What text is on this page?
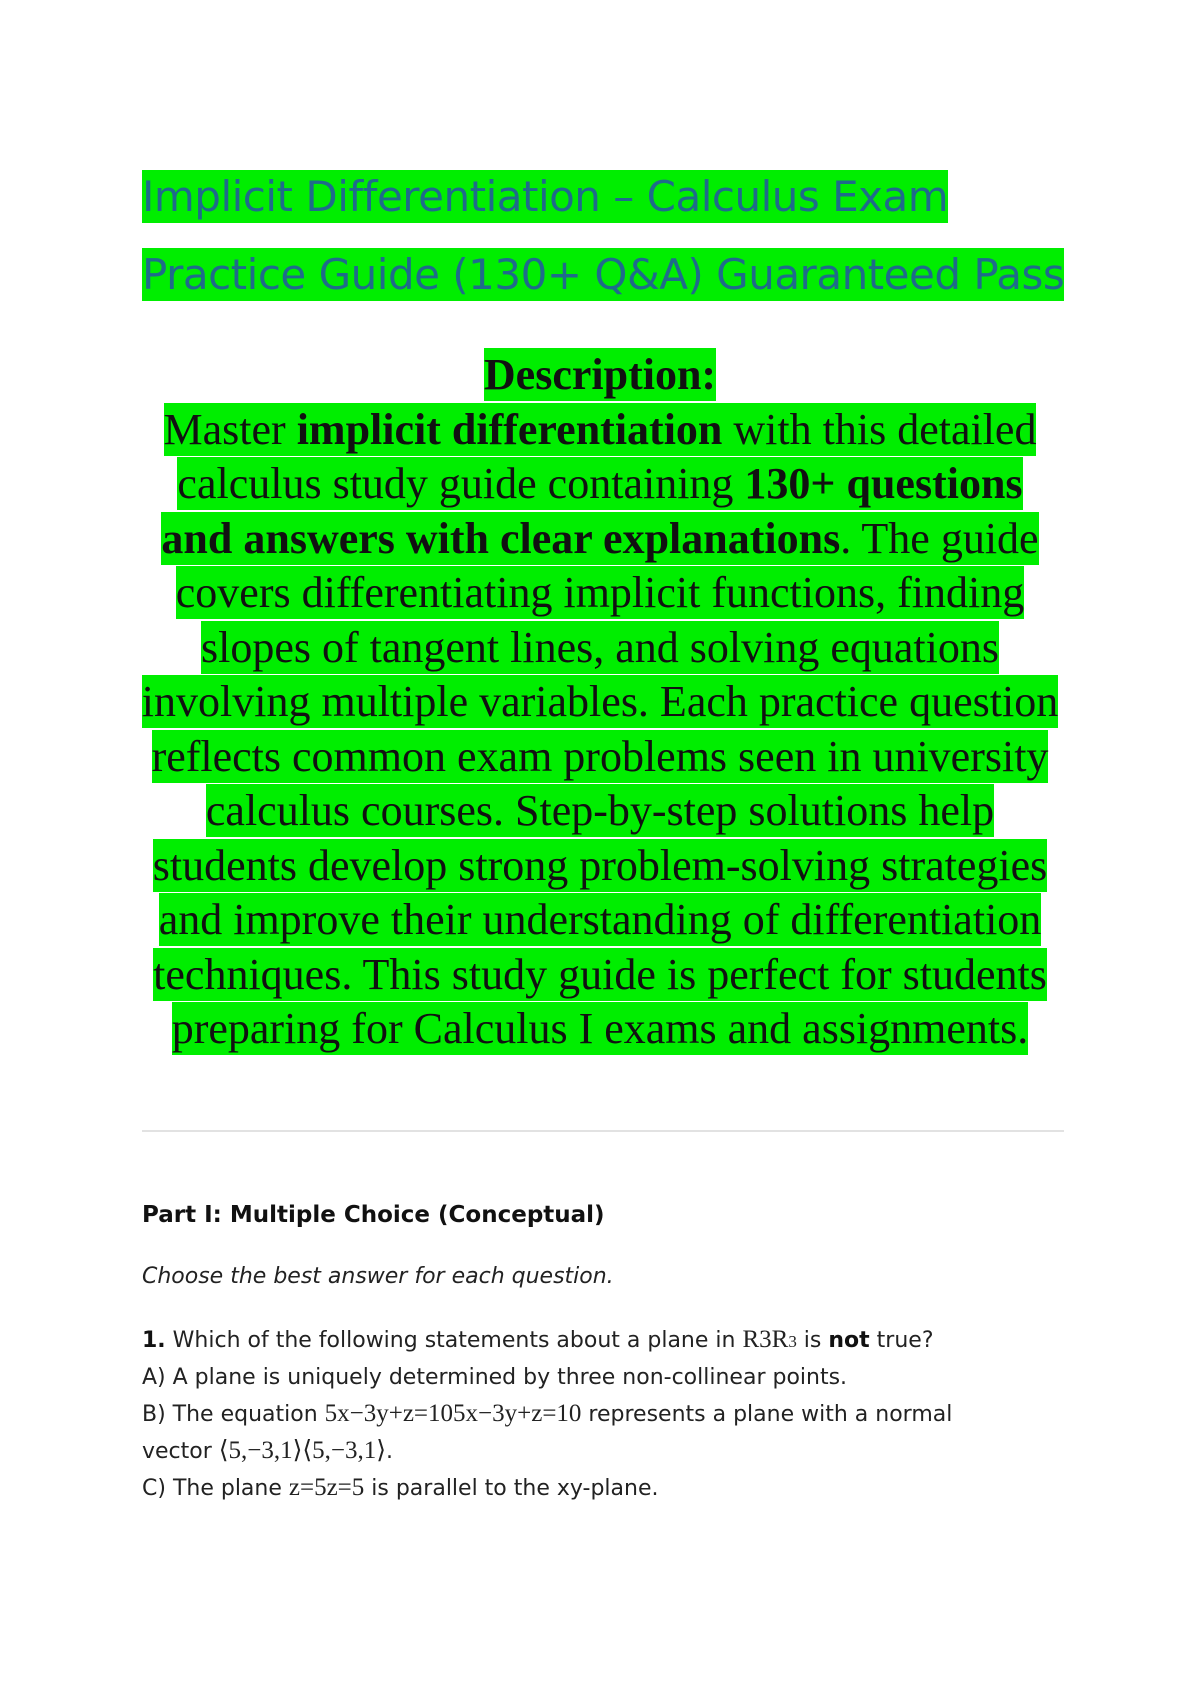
Implicit Differentiation – Calculus Exam
Practice Guide (130+ Q&A) Guaranteed Pass
Description:
Master implicit differentiation with this detailed calculus study guide containing 130+ questions and answers with clear explanations. The guide covers differentiating implicit functions, finding slopes of tangent lines, and solving equations involving multiple variables. Each practice question reflects common exam problems seen in university calculus courses. Step-by-step solutions help students develop strong problem-solving strategies and improve their understanding of differentiation techniques. This study guide is perfect for students preparing for Calculus I exams and assignments.
Part I: Multiple Choice (Conceptual)

Choose the best answer for each question.

1. Which of the following statements about a plane in R3R3 is not true?
A) A plane is uniquely determined by three non-collinear points.
B) The equation 5x−3y+z=105x−3y+z=10 represents a plane with a normal
vector ⟨5,−3,1⟩⟨5,−3,1⟩.
C) The plane z=5z=5 is parallel to the xy-plane.
